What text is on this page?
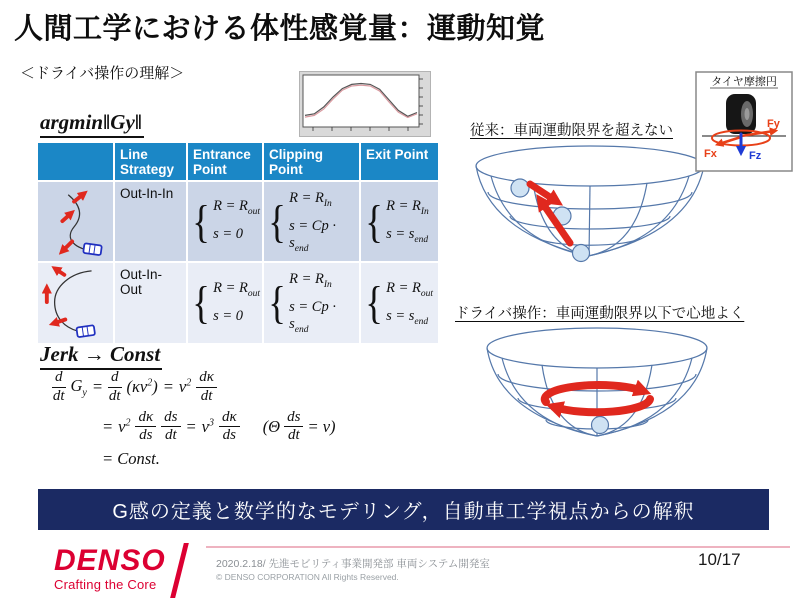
人間工学における体性感覚量：運動知覚
＜ドライバ操作の理解＞
argmin‖Gy‖
Line Strategy
Entrance Point
Clipping Point
Exit Point
Out-In-In
{ $R = R_{out}$
s = 0 { $R = R_{In}$
$s = Cp \cdot s_{end}$
{ $R = R_{In}$
$s = s_{end}$
Out-In-Out	{ $R = R_{out}$
s = 0 { $R = R_{In}$
$s = Cp \cdot s_{end}$
{ $R = R_{out}$
$s = s_{end}$
Jerk → Const
$\frac{d}{dt} G_y = \frac{d}{dt} (\kappa v^2) = v^2 \frac{d\kappa}{dt}$
= $v^2 \frac{d\kappa}{ds} \frac{ds}{dt} = v^3 \frac{d\kappa}{ds} (\Theta \frac{ds}{dt} = v)$
= Const.
従来：車両運動限界を超えない
タイヤ摩擦円
Fy
Fx	Fz
ドライバ操作：車両運動限界以下で心地よく
G感の定義と数学的なモデリング，自動車工学視点からの解釈
DENSO
Crafting the Core
2020.2.18/ 先進モビリティ事業開発部 車両システム開発室
© DENSO CORPORATION All Rights Reserved.
10/17
